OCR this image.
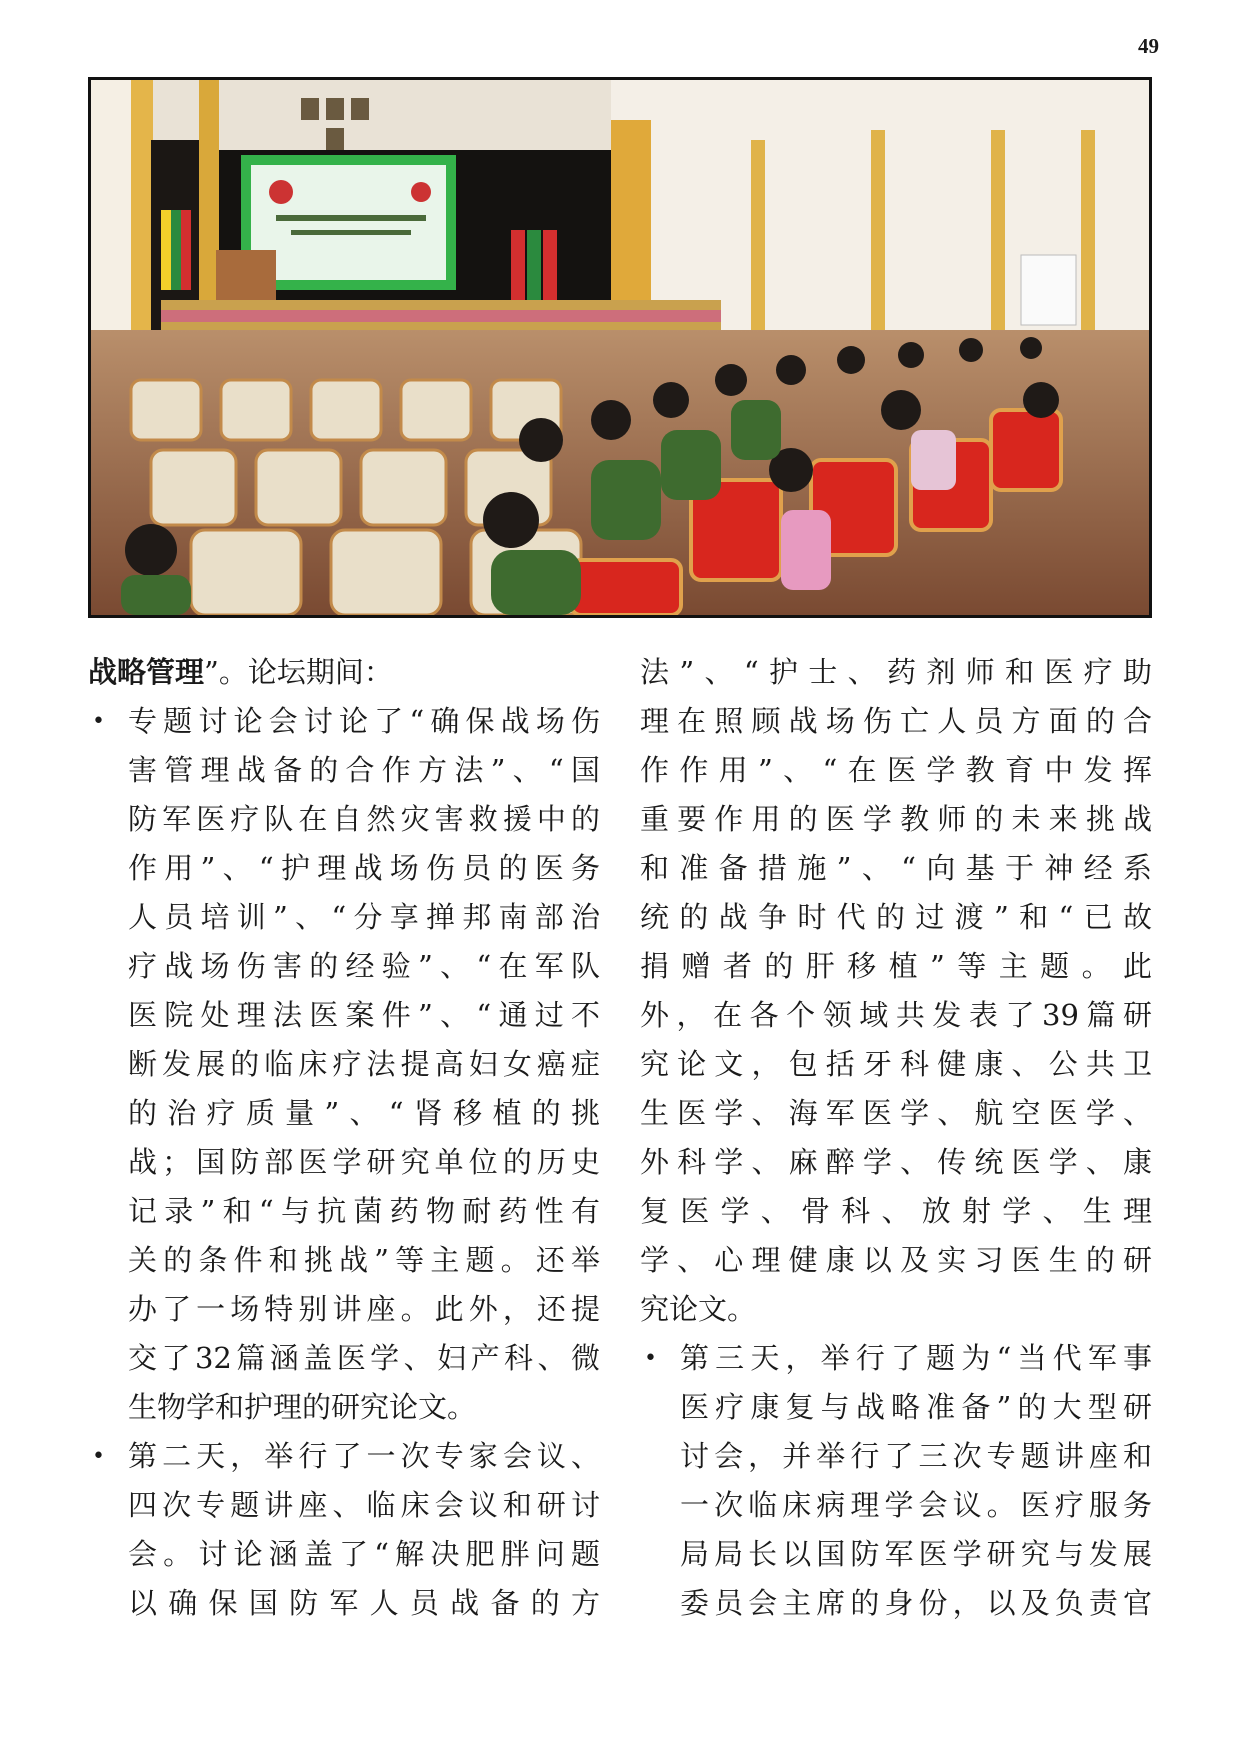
49

战略管理”。论坛期间：

• 专题讨论会讨论了“确保战场伤
害管理战备的合作方法”、“国
防军医疗队在自然灾害救援中的
作用”、“护理战场伤员的医务
人员培训”、“分享掸邦南部治
疗战场伤害的经验”、“在军队
医院处理法医案件”、“通过不
断发展的临床疗法提高妇女癌症
的治疗质量”、“肾移植的挑
战；国防部医学研究单位的历史
记录”和“与抗菌药物耐药性有
关的条件和挑战”等主题。还举
办了一场特别讲座。此外，还提
交了32篇涵盖医学、妇产科、微
生物学和护理的研究论文。
• 第二天，举行了一次专家会议、
四次专题讲座、临床会议和研讨
会。讨论涵盖了“解决肥胖问题
以确保国防军人员战备的方
法”、“护士、药剂师和医疗助
理在照顾战场伤亡人员方面的合
作作用”、“在医学教育中发挥
重要作用的医学教师的未来挑战
和准备措施”、“向基于神经系
统的战争时代的过渡”和“已故
捐赠者的肝移植”等主题。此
外，在各个领域共发表了39篇研
究论文，包括牙科健康、公共卫
生医学、海军医学、航空医学、
外科学、麻醉学、传统医学、康
复医学、骨科、放射学、生理
学、心理健康以及实习医生的研
究论文。
• 第三天，举行了题为“当代军事
医疗康复与战略准备”的大型研
讨会，并举行了三次专题讲座和
一次临床病理学会议。医疗服务
局局长以国防军医学研究与发展
委员会主席的身份，以及负责官
